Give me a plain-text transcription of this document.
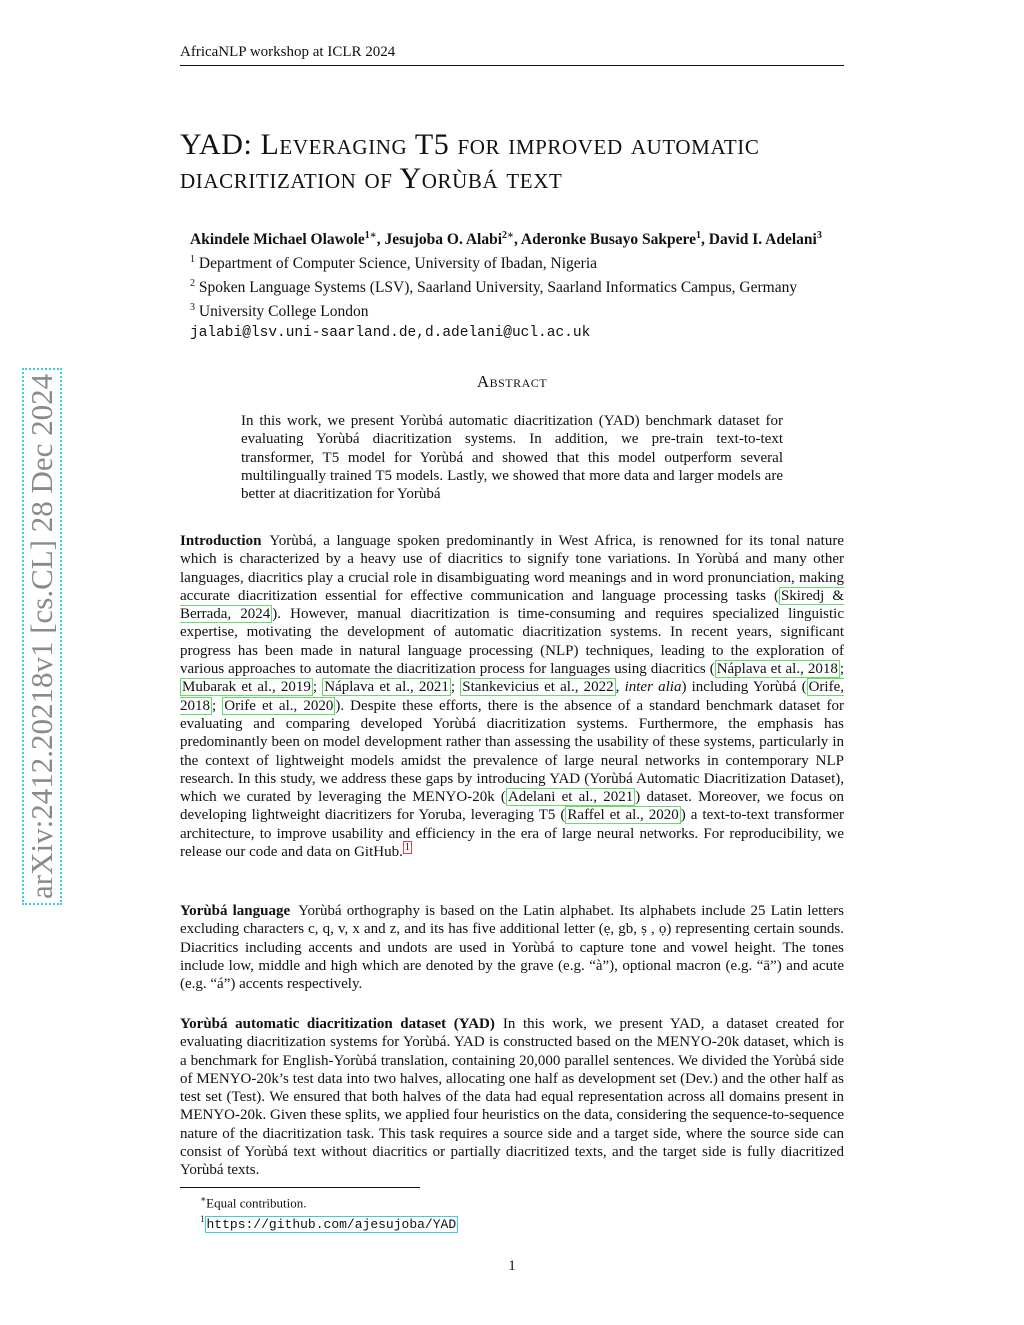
AfricaNLP workshop at ICLR 2024
arXiv:2412.20218v1 [cs.CL] 28 Dec 2024
YAD: Leveraging T5 for improved automatic
diacritization of Yorùbá text
Akindele Michael Olawole$^{1∗}$, Jesujoba O. Alabi$^{2∗}$, Aderonke Busayo Sakpere$^1$, David I. Adelani$^3$
$^1$ Department of Computer Science, University of Ibadan, Nigeria
$^2$ Spoken Language Systems (LSV), Saarland University, Saarland Informatics Campus, Germany
$^3$ University College London
jalabi@lsv.uni-saarland.de,d.adelani@ucl.ac.uk
Abstract

In this work, we present Yorùbá automatic diacritization (YAD) benchmark dataset for evaluating Yorùbá diacritization systems. In addition, we pre-train text-to-text transformer, T5 model for Yorùbá and showed that this model outperform several multilingually trained T5 models. Lastly, we showed that more data and larger models are better at diacritization for Yorùbá

Introduction Yorùbá, a language spoken predominantly in West Africa, is renowned for its tonal nature which is characterized by a heavy use of diacritics to signify tone variations. In Yorùbá and many other languages, diacritics play a crucial role in disambiguating word meanings and in word pronunciation, making accurate diacritization essential for effective communication and language processing tasks ( Skiredj & Berrada, 2024 ). However, manual diacritization is time-consuming and requires specialized linguistic expertise, motivating the development of automatic diacritization systems. In recent years, significant progress has been made in natural language processing (NLP) techniques, leading to the exploration of various approaches to automate the diacritization process for languages using diacritics ( Náplava et al., 2018 ; Mubarak et al., 2019 ; Náplava et al., 2021 ; Stankevicius et al., 2022 , inter alia) including Yorùbá ( Orife, 2018 ; Orife et al., 2020 ). Despite these efforts, there is the absence of a standard benchmark dataset for evaluating and comparing developed Yorùbá diacritization systems. Furthermore, the emphasis has predominantly been on model development rather than assessing the usability of these systems, particularly in the context of lightweight models amidst the prevalence of large neural networks in contemporary NLP research. In this study, we address these gaps by introducing YAD (Yorùbá Automatic Diacritization Dataset), which we curated by leveraging the MENYO-20k ( Adelani et al., 2021 ) dataset. Moreover, we focus on developing lightweight diacritizers for Yoruba, leveraging T5 ( Raffel et al., 2020 ) a text-to-text transformer architecture, to improve usability and efficiency in the era of large neural networks. For reproducibility, we release our code and data on GitHub. $^1$

Yorùbá language Yorùbá orthography is based on the Latin alphabet. Its alphabets include 25 Latin letters excluding characters c, q, v, x and z, and its has five additional letter (ẹ, gb, ṣ , ọ) representing certain sounds. Diacritics including accents and undots are used in Yorùbá to capture tone and vowel height. The tones include low, middle and high which are denoted by the grave (e.g. “à”), optional macron (e.g. “ā”) and acute (e.g. “á”) accents respectively.

Yorùbá automatic diacritization dataset (YAD) In this work, we present YAD, a dataset created for evaluating diacritization systems for Yorùbá. YAD is constructed based on the MENYO-20k dataset, which is a benchmark for English-Yorùbá translation, containing 20,000 parallel sentences. We divided the Yorùbá side of MENYO-20k’s test data into two halves, allocating one half as development set (Dev.) and the other half as test set (Test). We ensured that both halves of the data had equal representation across all domains present in MENYO-20k. Given these splits, we applied four heuristics on the data, considering the sequence-to-sequence nature of the diacritization task. This task requires a source side and a target side, where the source side can consist of Yorùbá text without diacritics or partially diacritized texts, and the target side is fully diacritized Yorùbá texts.

∗Equal contribution.
$^1$ https://github.com/ajesujoba/YAD
1
